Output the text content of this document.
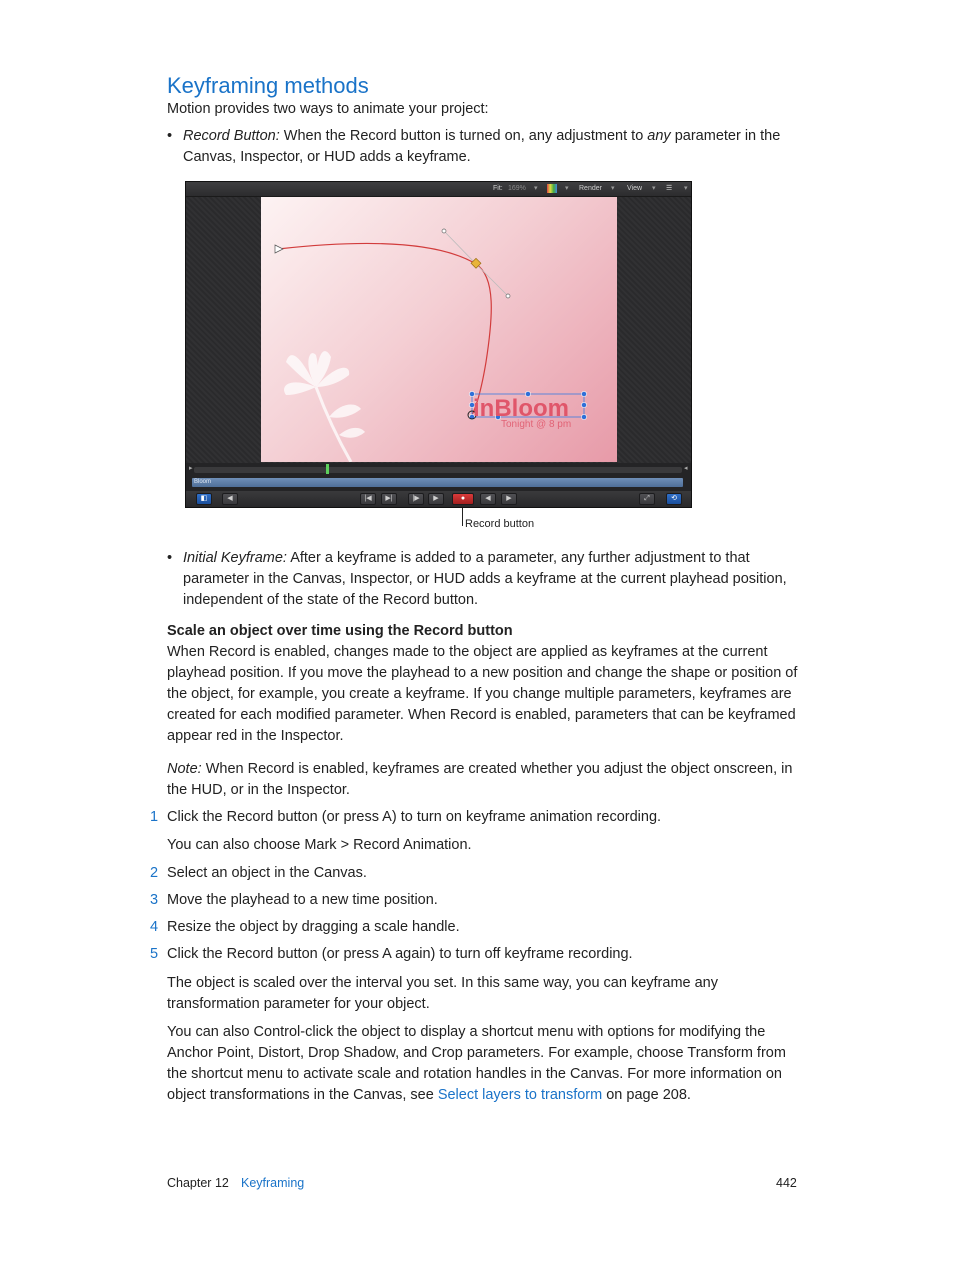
Keyframing methods

Motion provides two ways to animate your project:

• Record Button: When the Record button is turned on, any adjustment to any parameter in the Canvas, Inspector, or HUD adds a keyframe.
Fit: 169% ▾	▾ Render ▾ View ▾ ☰ ▾
inBloom
Tonight @ 8 pm
▸	◂
Bloom
◧	◀	|◀	▶|	|▶	▶	●	◀	▶	⤢	⟲
Record button
• Initial Keyframe: After a keyframe is added to a parameter, any further adjustment to that parameter in the Canvas, Inspector, or HUD adds a keyframe at the current playhead position, independent of the state of the Record button.
Scale an object over time using the Record button

When Record is enabled, changes made to the object are applied as keyframes at the current playhead position. If you move the playhead to a new position and change the shape or position of the object, for example, you create a keyframe. If you change multiple parameters, keyframes are created for each modified parameter. When Record is enabled, parameters that can be keyframed appear red in the Inspector.

Note: When Record is enabled, keyframes are created whether you adjust the object onscreen, in the HUD, or in the Inspector.

1 Click the Record button (or press A) to turn on keyframe animation recording.

You can also choose Mark > Record Animation.

2 Select an object in the Canvas.
3 Move the playhead to a new time position.
4 Resize the object by dragging a scale handle.
5 Click the Record button (or press A again) to turn off keyframe recording.

The object is scaled over the interval you set. In this same way, you can keyframe any transformation parameter for your object.

You can also Control-click the object to display a shortcut menu with options for modifying the Anchor Point, Distort, Drop Shadow, and Crop parameters. For example, choose Transform from the shortcut menu to activate scale and rotation handles in the Canvas. For more information on object transformations in the Canvas, see Select layers to transform on page 208.

Chapter 12 Keyframing	442
